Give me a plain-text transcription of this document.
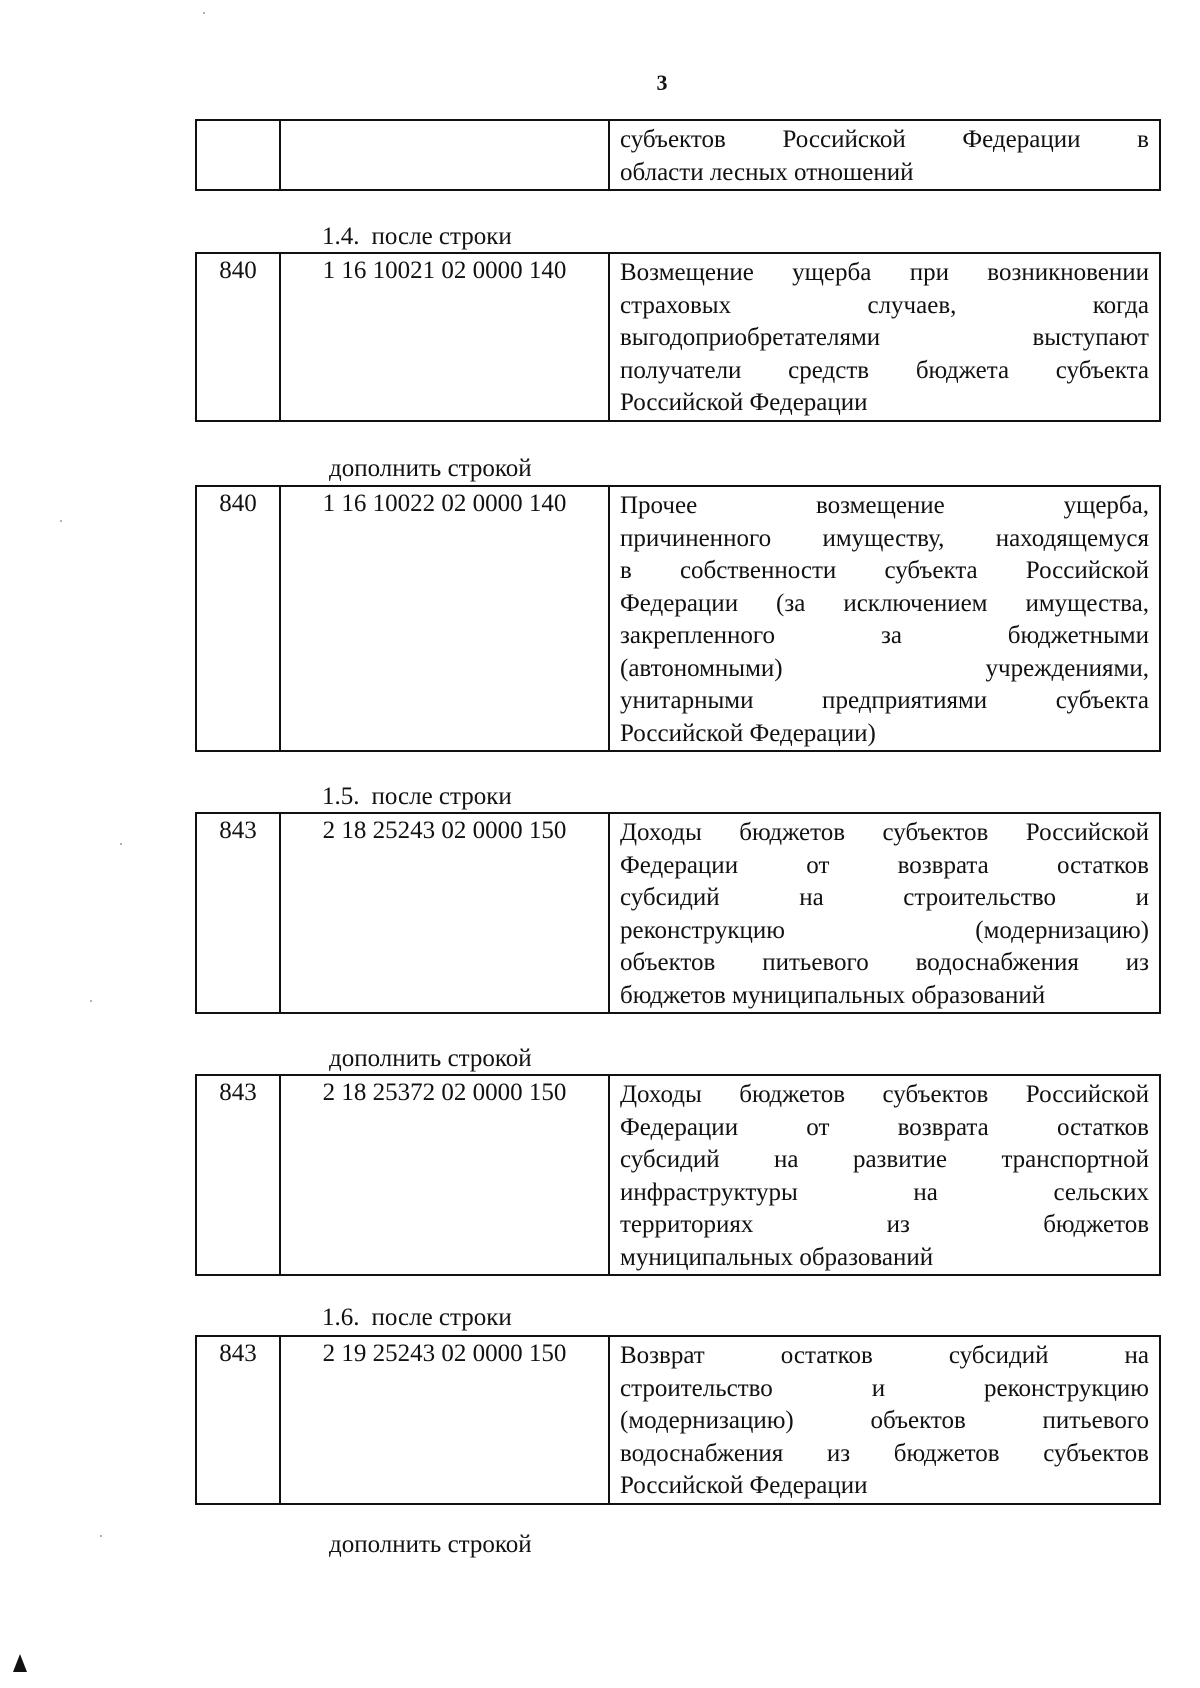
3

субъектов Российской Федерации в
области лесных отношений
1.4. после строки
840	1 16 10021 02 0000 140	Возмещение ущерба при возникновении
страховых случаев, когда
выгодоприобретателями выступают
получатели средств бюджета субъекта
Российской Федерации
дополнить строкой
840	1 16 10022 02 0000 140	Прочее возмещение ущерба,
причиненного имуществу, находящемуся
в собственности субъекта Российской
Федерации (за исключением имущества,
закрепленного за бюджетными
(автономными) учреждениями,
унитарными предприятиями субъекта
Российской Федерации)
1.5. после строки
843	2 18 25243 02 0000 150	Доходы бюджетов субъектов Российской
Федерации от возврата остатков
субсидий на строительство и
реконструкцию (модернизацию)
объектов питьевого водоснабжения из
бюджетов муниципальных образований
дополнить строкой
843	2 18 25372 02 0000 150	Доходы бюджетов субъектов Российской
Федерации от возврата остатков
субсидий на развитие транспортной
инфраструктуры на сельских
территориях из бюджетов
муниципальных образований
1.6. после строки
843	2 19 25243 02 0000 150	Возврат остатков субсидий на
строительство и реконструкцию
(модернизацию) объектов питьевого
водоснабжения из бюджетов субъектов
Российской Федерации
дополнить строкой
